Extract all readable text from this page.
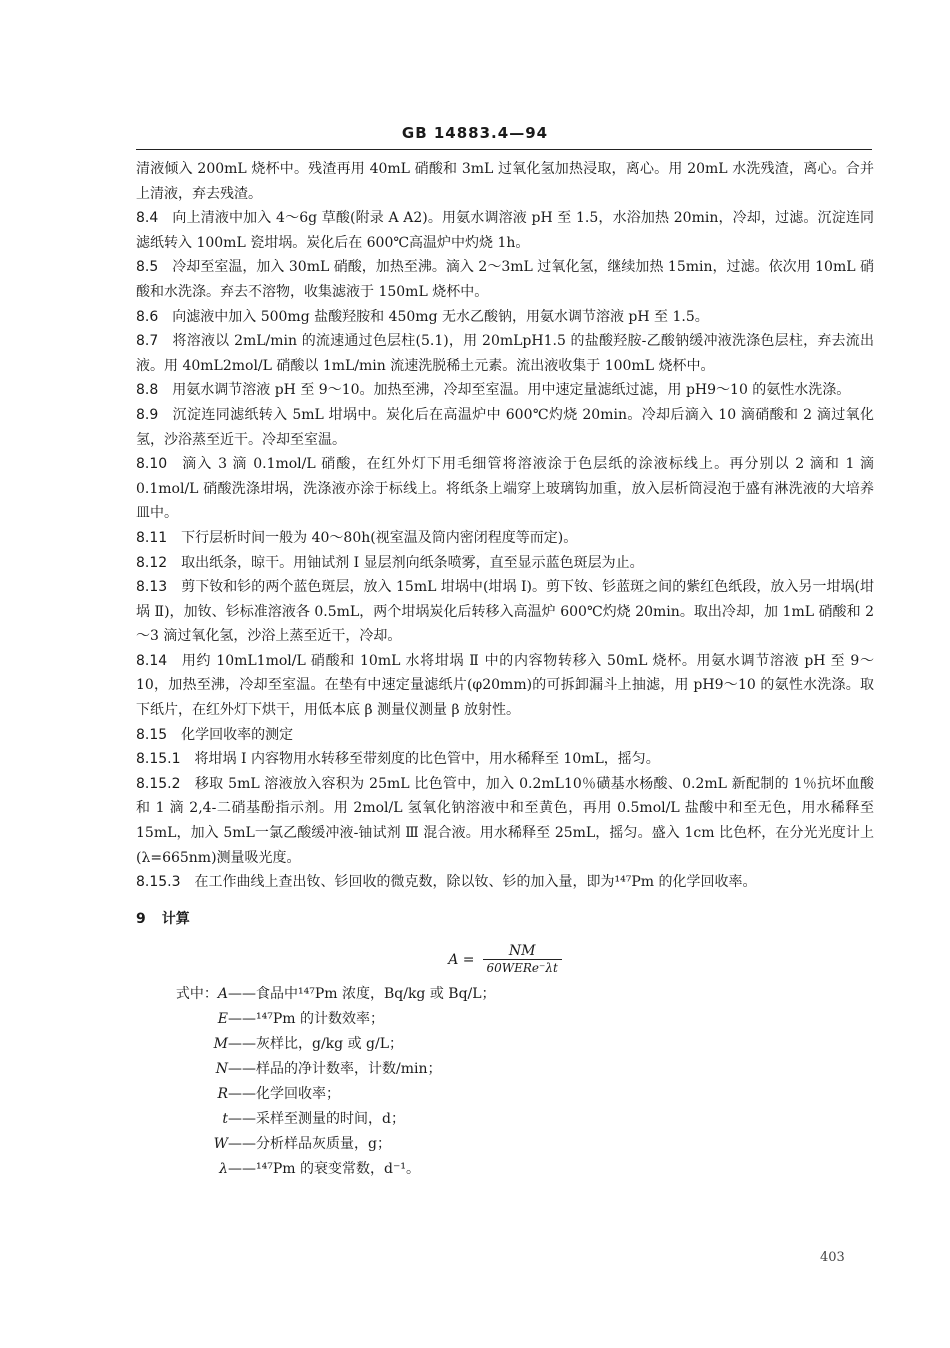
GB 14883.4—94

清液倾入 200mL 烧杯中。残渣再用 40mL 硝酸和 3mL 过氧化氢加热浸取，离心。用 20mL 水洗残渣，离心。合并上清液，弃去残渣。

8.4 向上清液中加入 4～6g 草酸(附录 A A2)。用氨水调溶液 pH 至 1.5，水浴加热 20min，冷却，过滤。沉淀连同滤纸转入 100mL 瓷坩埚。炭化后在 600℃高温炉中灼烧 1h。

8.5 冷却至室温，加入 30mL 硝酸，加热至沸。滴入 2～3mL 过氧化氢，继续加热 15min，过滤。依次用 10mL 硝酸和水洗涤。弃去不溶物，收集滤液于 150mL 烧杯中。

8.6 向滤液中加入 500mg 盐酸羟胺和 450mg 无水乙酸钠，用氨水调节溶液 pH 至 1.5。

8.7 将溶液以 2mL/min 的流速通过色层柱(5.1)，用 20mLpH1.5 的盐酸羟胺-乙酸钠缓冲液洗涤色层柱，弃去流出液。用 40mL2mol/L 硝酸以 1mL/min 流速洗脱稀土元素。流出液收集于 100mL 烧杯中。

8.8 用氨水调节溶液 pH 至 9～10。加热至沸，冷却至室温。用中速定量滤纸过滤，用 pH9～10 的氨性水洗涤。

8.9 沉淀连同滤纸转入 5mL 坩埚中。炭化后在高温炉中 600℃灼烧 20min。冷却后滴入 10 滴硝酸和 2 滴过氧化氢，沙浴蒸至近干。冷却至室温。

8.10 滴入 3 滴 0.1mol/L 硝酸，在红外灯下用毛细管将溶液涂于色层纸的涂液标线上。再分别以 2 滴和 1 滴 0.1mol/L 硝酸洗涤坩埚，洗涤液亦涂于标线上。将纸条上端穿上玻璃钩加重，放入层析筒浸泡于盛有淋洗液的大培养皿中。

8.11 下行层析时间一般为 40～80h(视室温及筒内密闭程度等而定)。

8.12 取出纸条，晾干。用铀试剂 I 显层剂向纸条喷雾，直至显示蓝色斑层为止。

8.13 剪下钕和钐的两个蓝色斑层，放入 15mL 坩埚中(坩埚 I)。剪下钕、钐蓝斑之间的紫红色纸段，放入另一坩埚(坩埚 Ⅱ)，加钕、钐标准溶液各 0.5mL，两个坩埚炭化后转移入高温炉 600℃灼烧 20min。取出冷却，加 1mL 硝酸和 2～3 滴过氧化氢，沙浴上蒸至近干，冷却。

8.14 用约 10mL1mol/L 硝酸和 10mL 水将坩埚 Ⅱ 中的内容物转移入 50mL 烧杯。用氨水调节溶液 pH 至 9～10，加热至沸，冷却至室温。在垫有中速定量滤纸片(φ20mm)的可拆卸漏斗上抽滤，用 pH9～10 的氨性水洗涤。取下纸片，在红外灯下烘干，用低本底 β 测量仪测量 β 放射性。

8.15 化学回收率的测定

8.15.1 将坩埚 I 内容物用水转移至带刻度的比色管中，用水稀释至 10mL，摇匀。

8.15.2 移取 5mL 溶液放入容积为 25mL 比色管中，加入 0.2mL10％磺基水杨酸、0.2mL 新配制的 1％抗坏血酸和 1 滴 2,4-二硝基酚指示剂。用 2mol/L 氢氧化钠溶液中和至黄色，再用 0.5mol/L 盐酸中和至无色，用水稀释至 15mL，加入 5mL一氯乙酸缓冲液-铀试剂 Ⅲ 混合液。用水稀释至 25mL，摇匀。盛入 1cm 比色杯，在分光光度计上(λ=665nm)测量吸光度。

8.15.3 在工作曲线上查出钕、钐回收的微克数，除以钕、钐的加入量，即为¹⁴⁷Pm 的化学回收率。

9 计算
$A = \frac{NM}{\text{60WERe⁻λt}}$
式中：A —— 食品中¹⁴⁷Pm 浓度，Bq/kg 或 Bq/L；
E —— ¹⁴⁷Pm 的计数效率；
M —— 灰样比，g/kg 或 g/L；
N —— 样品的净计数率，计数/min；
R —— 化学回收率；
t —— 采样至测量的时间，d；
W —— 分析样品灰质量，g；
λ —— ¹⁴⁷Pm 的衰变常数，d⁻¹。
403
